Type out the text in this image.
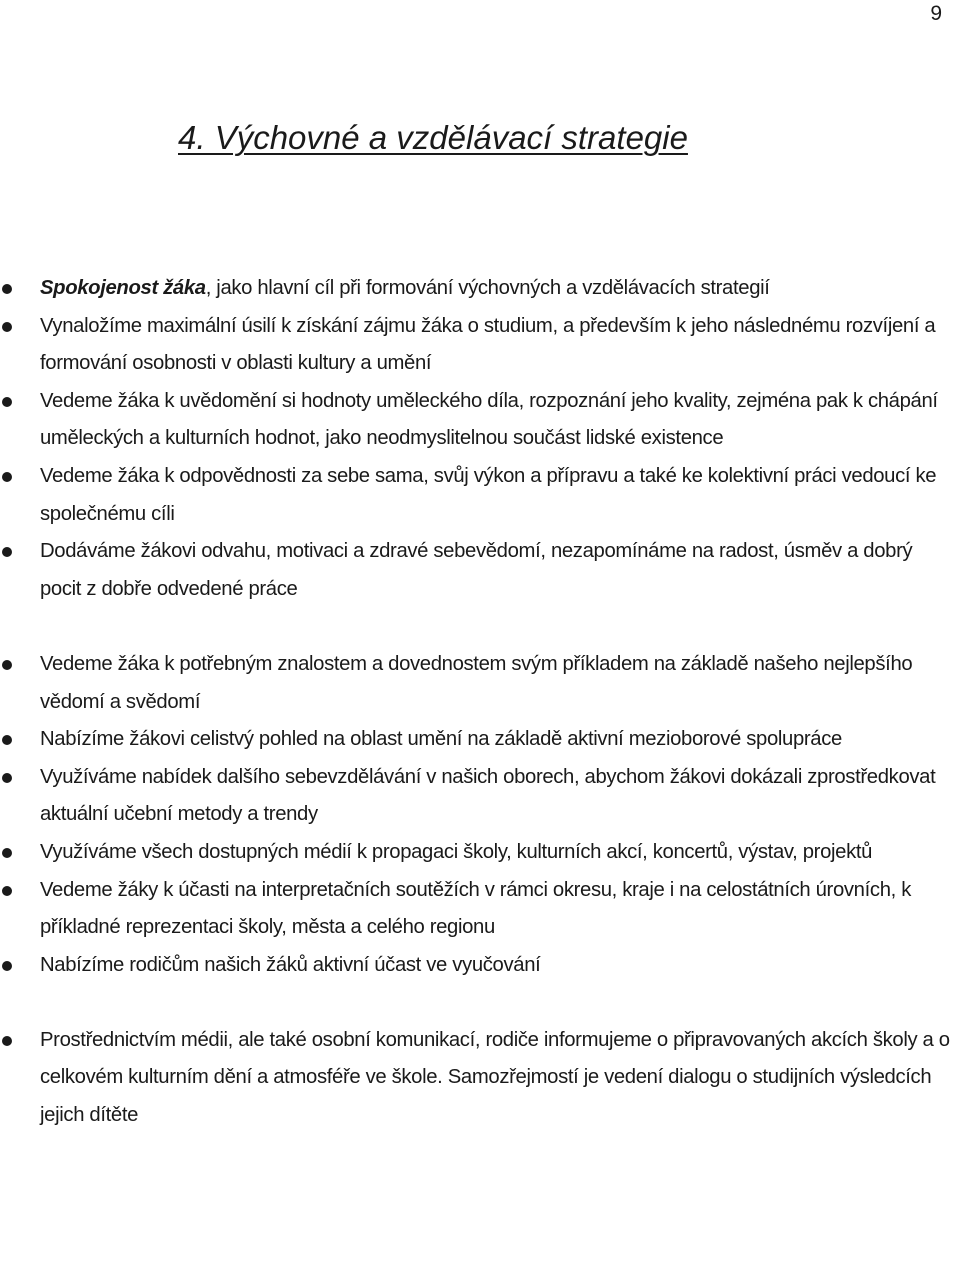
9
4. Výchovné a vzdělávací strategie
Spokojenost žáka, jako hlavní cíl při formování výchovných a vzdělávacích strategií
Vynaložíme maximální úsilí k získání zájmu žáka o studium, a především k jeho následnému rozvíjení a formování osobnosti v oblasti kultury a umění
Vedeme žáka k uvědomění si hodnoty uměleckého díla, rozpoznání jeho kvality, zejména pak k chápání uměleckých a kulturních hodnot, jako neodmyslitelnou součást lidské existence
Vedeme žáka k odpovědnosti za sebe sama, svůj výkon a přípravu a také ke kolektivní práci vedoucí ke společnému cíli
Dodáváme žákovi odvahu, motivaci a zdravé sebevědomí, nezapomínáme na radost, úsměv a dobrý pocit z dobře odvedené práce
Vedeme žáka k potřebným znalostem a dovednostem svým příkladem na základě našeho nejlepšího vědomí a svědomí
Nabízíme žákovi celistvý pohled na oblast umění na základě aktivní mezioborové spolupráce
Využíváme nabídek dalšího sebevzdělávání v našich oborech, abychom žákovi dokázali zprostředkovat aktuální učební metody a trendy
Využíváme všech dostupných médií k propagaci školy, kulturních akcí, koncertů, výstav, projektů
Vedeme žáky k účasti na interpretačních soutěžích v rámci okresu, kraje i na celostátních úrovních, k příkladné reprezentaci školy, města a celého regionu
Nabízíme rodičům našich žáků aktivní účast ve vyučování
Prostřednictvím médii, ale také osobní komunikací, rodiče informujeme o připravovaných akcích školy a o celkovém kulturním dění a atmosféře ve škole. Samozřejmostí je vedení dialogu o studijních výsledcích jejich dítěte
